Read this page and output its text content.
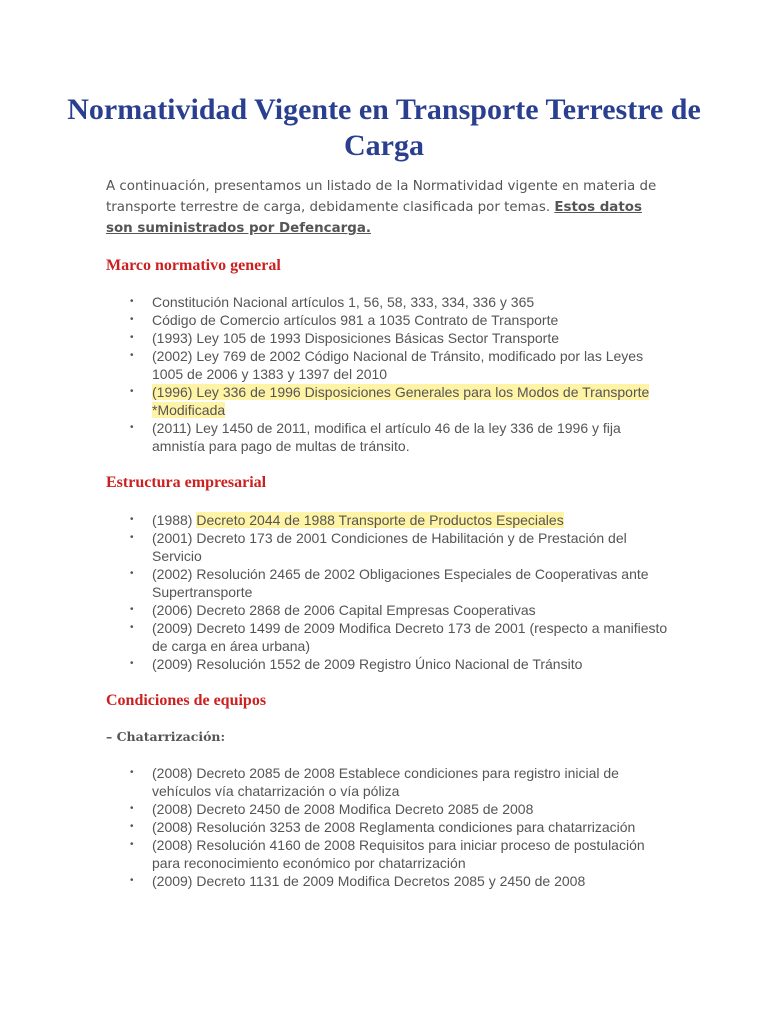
Normatividad Vigente en Transporte Terrestre de Carga

A continuación, presentamos un listado de la Normatividad vigente en materia de transporte terrestre de carga, debidamente clasificada por temas. Estos datos son suministrados por Defencarga.

Marco normativo general
• Constitución Nacional artículos 1, 56, 58, 333, 334, 336 y 365
• Código de Comercio artículos 981 a 1035 Contrato de Transporte
• (1993) Ley 105 de 1993 Disposiciones Básicas Sector Transporte
• (2002) Ley 769 de 2002 Código Nacional de Tránsito, modificado por las Leyes 1005 de 2006 y 1383 y 1397 del 2010
• (1996) Ley 336 de 1996 Disposiciones Generales para los Modos de Transporte *Modificada
• (2011) Ley 1450 de 2011, modifica el artículo 46 de la ley 336 de 1996 y fija amnistía para pago de multas de tránsito.
Estructura empresarial
• (1988) Decreto 2044 de 1988 Transporte de Productos Especiales
• (2001) Decreto 173 de 2001 Condiciones de Habilitación y de Prestación del Servicio
• (2002) Resolución 2465 de 2002 Obligaciones Especiales de Cooperativas ante Supertransporte
• (2006) Decreto 2868 de 2006 Capital Empresas Cooperativas
• (2009) Decreto 1499 de 2009 Modifica Decreto 173 de 2001 (respecto a manifiesto de carga en área urbana)
• (2009) Resolución 1552 de 2009 Registro Único Nacional de Tránsito
Condiciones de equipos
– Chatarrización:
• (2008) Decreto 2085 de 2008 Establece condiciones para registro inicial de vehículos vía chatarrización o vía póliza
• (2008) Decreto 2450 de 2008 Modifica Decreto 2085 de 2008
• (2008) Resolución 3253 de 2008 Reglamenta condiciones para chatarrización
• (2008) Resolución 4160 de 2008 Requisitos para iniciar proceso de postulación para reconocimiento económico por chatarrización
• (2009) Decreto 1131 de 2009 Modifica Decretos 2085 y 2450 de 2008
